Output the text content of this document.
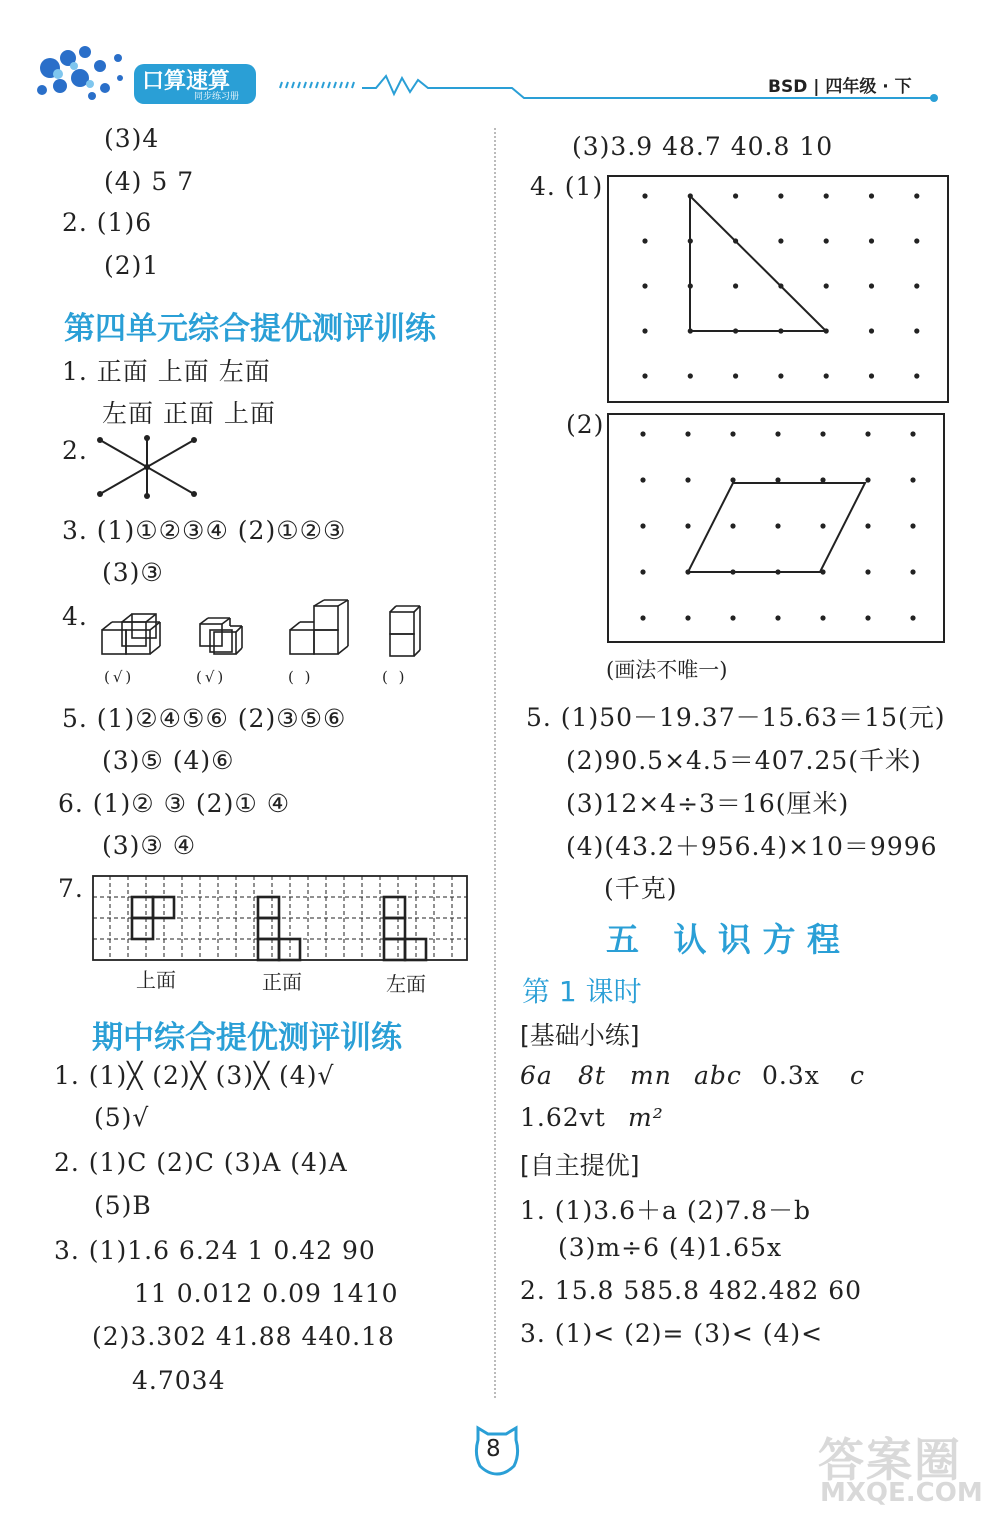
口算速算
同步练习册	BSD | 四年级 · 下
(3)4
(4) 5 7
2. (1)6
(2)1
第四单元综合提优测评训练
1. 正面 上面 左面
左面 正面 上面
2.
3. (1)①②③④ (2)①②③
(3)③
4.
(√)	(√)	( )	( )
5. (1)②④⑤⑥ (2)③⑤⑥
(3)⑤ (4)⑥
6. (1)② ③ (2)① ④
(3)③ ④
7.
上面	正面	左面
期中综合提优测评训练
1. (1)╳ (2)╳ (3)╳ (4)√
(5)√
2. (1)C (2)C (3)A (4)A
(5)B
3. (1)1.6 6.24 1 0.42 90
11 0.012 0.09 1410
(2)3.302 41.88 440.18
4.7034
(3)3.9 48.7 40.8 10
4. (1)
(2)
(画法不唯一)
5. (1)50－19.37－15.63＝15(元)
(2)90.5×4.5＝407.25(千米)
(3)12×4÷3＝16(厘米)
(4)(43.2＋956.4)×10＝9996
(千克)
五   认 识 方 程
第 1 课时
[基础小练]
6a 8t mn abc 0.3x c
1.62vt m²
[自主提优]
1. (1)3.6＋a (2)7.8－b
(3)m÷6 (4)1.65x
2. 15.8 585.8 482.482 60
3. (1)< (2)= (3)< (4)<
8	答案圈
MXQE.COM
